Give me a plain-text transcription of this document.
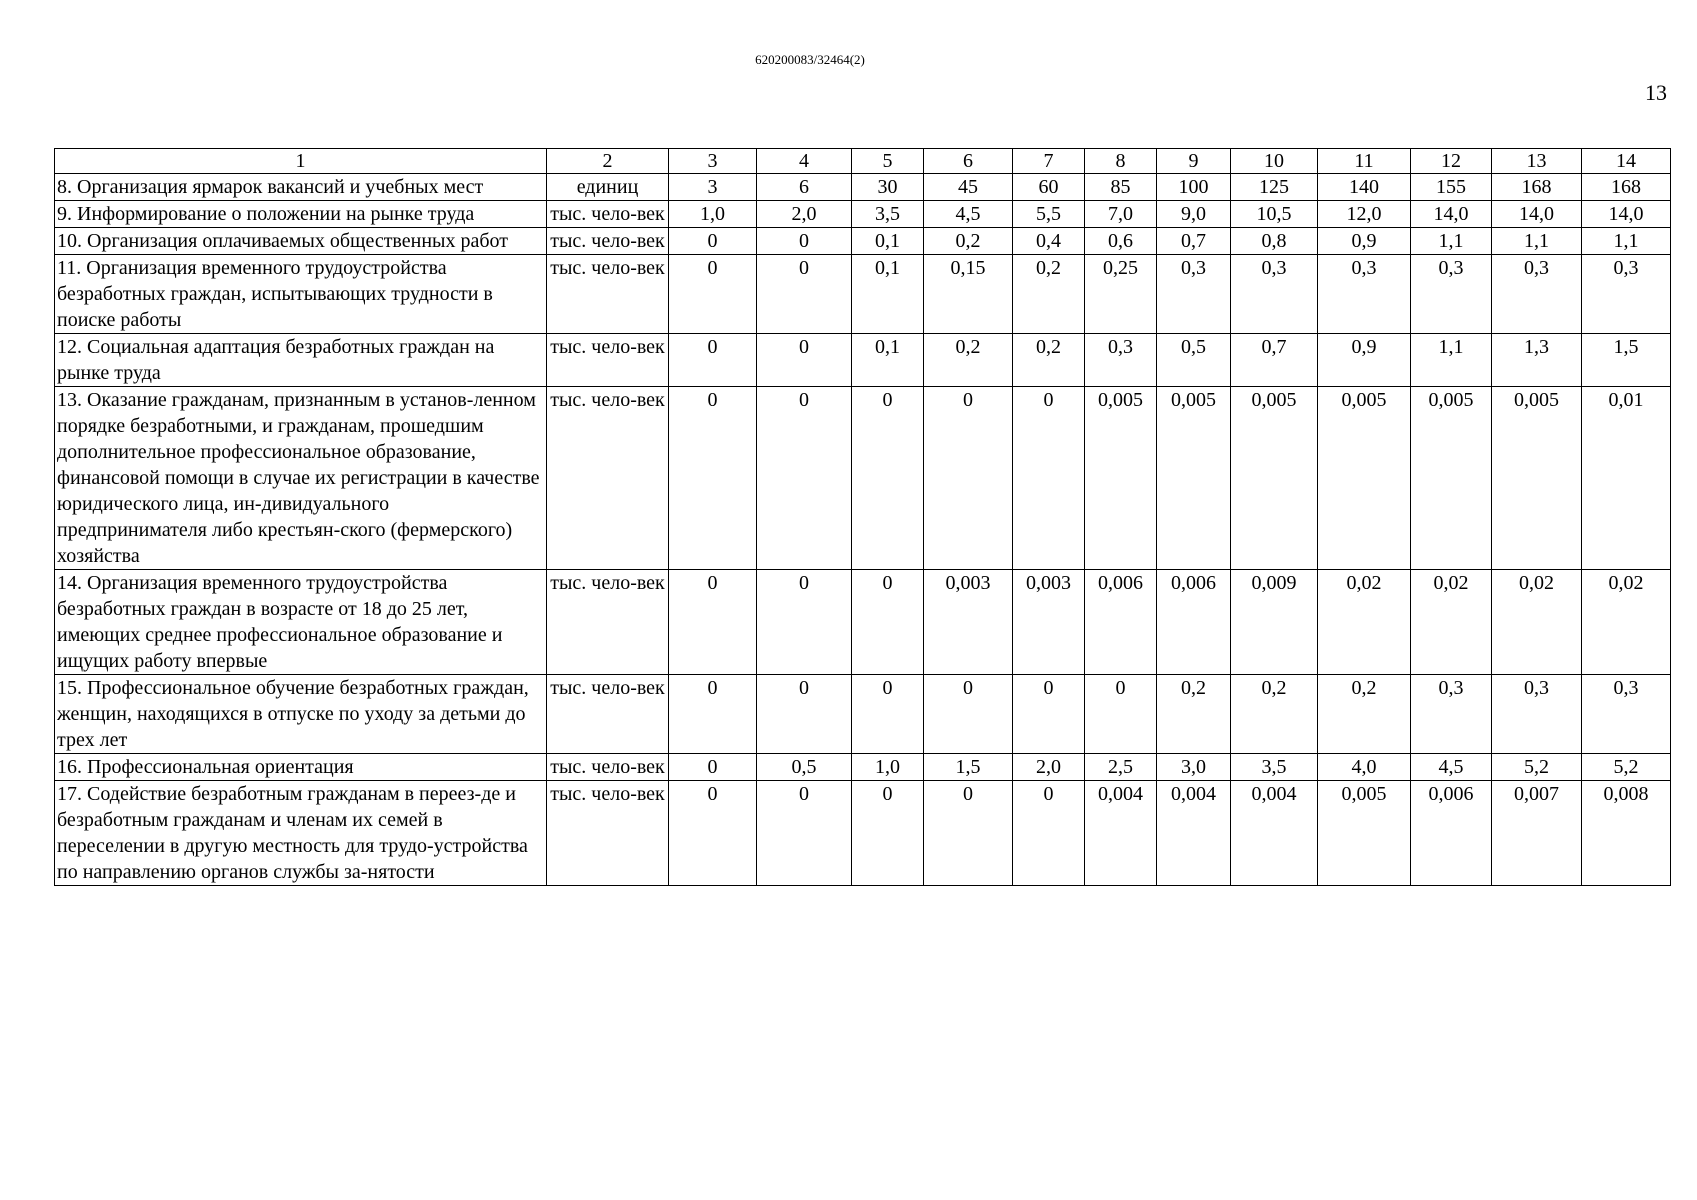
620200083/32464(2)
13
1	2	3	4	5	6	7	8	9	10	11	12	13	14
8. Организация ярмарок вакансий и учебных мест	единиц	3	6	30	45	60	85	100	125	140	155	168	168
9. Информирование о положении на рынке труда	тыс. чело-век	1,0	2,0	3,5	4,5	5,5	7,0	9,0	10,5	12,0	14,0	14,0	14,0
10. Организация оплачиваемых общественных работ	тыс. чело-век	0	0	0,1	0,2	0,4	0,6	0,7	0,8	0,9	1,1	1,1	1,1
11. Организация временного трудоустройства безработных граждан, испытывающих трудности в поиске работы	тыс. чело-век	0	0	0,1	0,15	0,2	0,25	0,3	0,3	0,3	0,3	0,3	0,3
12. Социальная адаптация безработных граждан на рынке труда	тыс. чело-век	0	0	0,1	0,2	0,2	0,3	0,5	0,7	0,9	1,1	1,3	1,5
13. Оказание гражданам, признанным в установ-ленном порядке безработными, и гражданам, прошедшим дополнительное профессиональное образование, финансовой помощи в случае их регистрации в качестве юридического лица, ин-дивидуального предпринимателя либо крестьян-ского (фермерского) хозяйства	тыс. чело-век	0	0	0	0	0	0,005	0,005	0,005	0,005	0,005	0,005	0,01
14. Организация временного трудоустройства безработных граждан в возрасте от 18 до 25 лет, имеющих среднее профессиональное образование и ищущих работу впервые	тыс. чело-век	0	0	0	0,003	0,003	0,006	0,006	0,009	0,02	0,02	0,02	0,02
15. Профессиональное обучение безработных граждан, женщин, находящихся в отпуске по уходу за детьми до трех лет	тыс. чело-век	0	0	0	0	0	0	0,2	0,2	0,2	0,3	0,3	0,3
16. Профессиональная ориентация	тыс. чело-век	0	0,5	1,0	1,5	2,0	2,5	3,0	3,5	4,0	4,5	5,2	5,2
17. Содействие безработным гражданам в переез-де и безработным гражданам и членам их семей в переселении в другую местность для трудо-устройства по направлению органов службы за-нятости	тыс. чело-век	0	0	0	0	0	0,004	0,004	0,004	0,005	0,006	0,007	0,008
